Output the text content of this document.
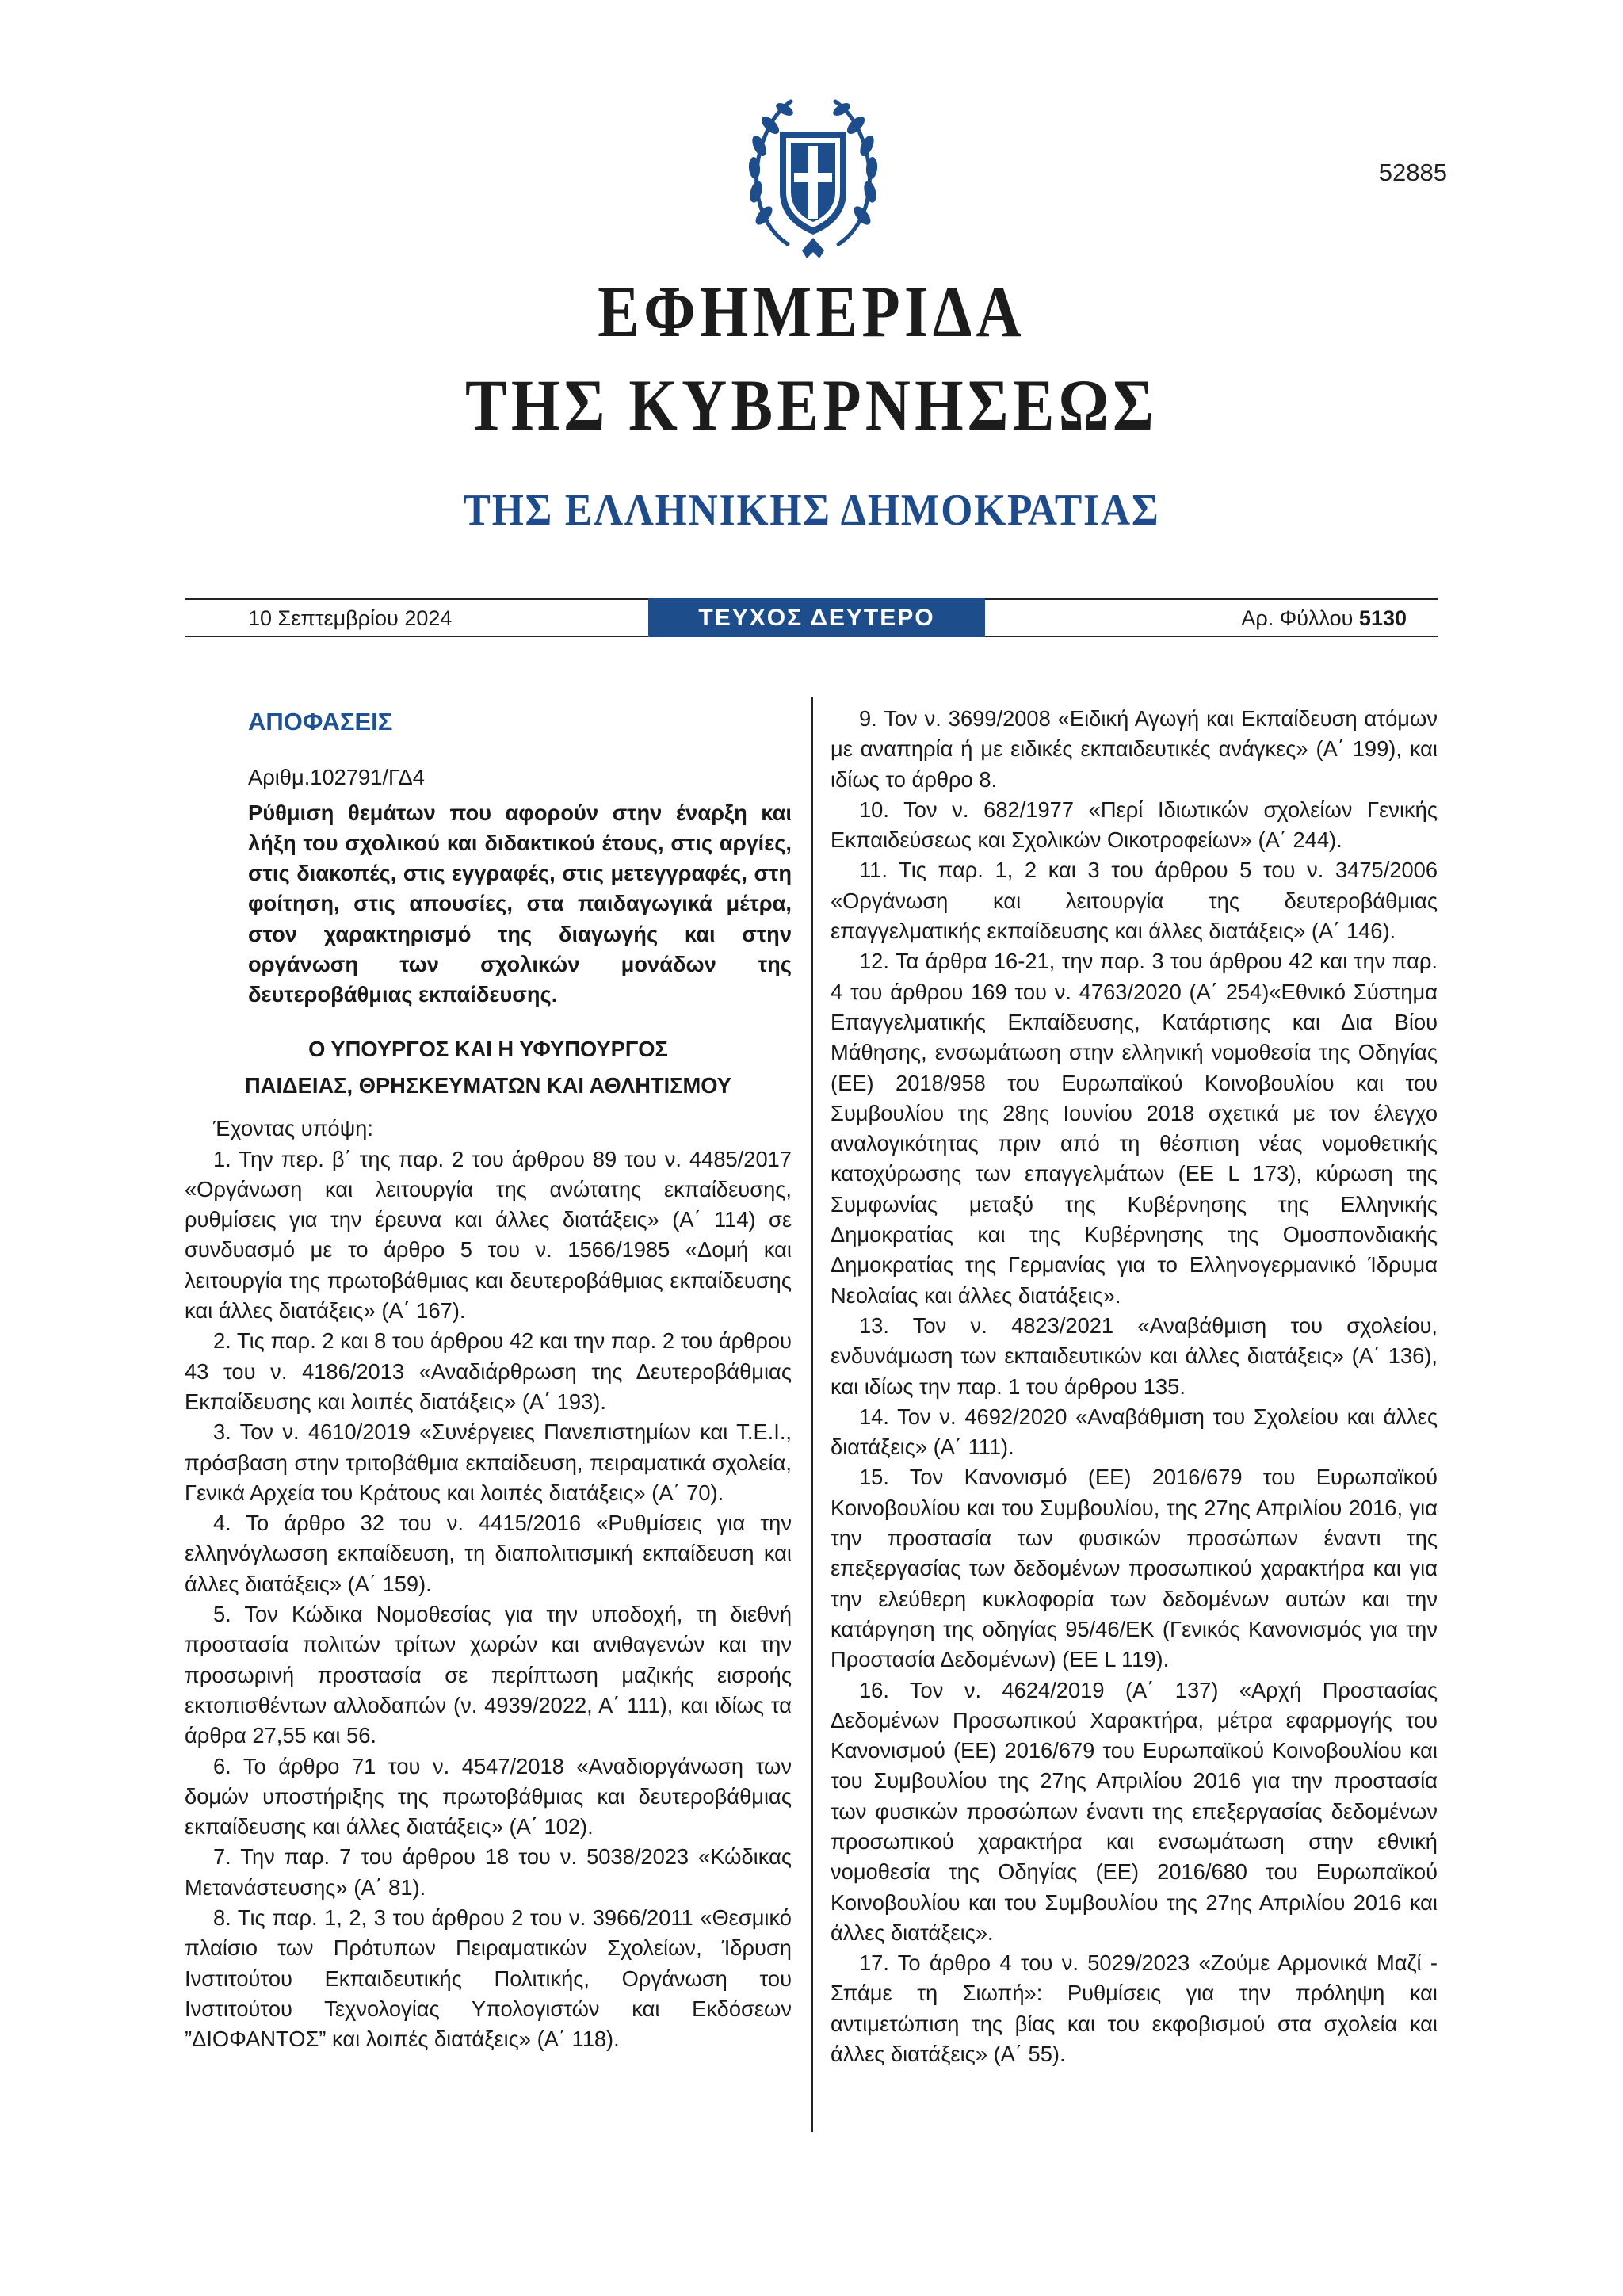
52885
ΕΦΗΜΕΡΙΔΑ
ΤΗΣ ΚΥΒΕΡΝΗΣΕΩΣ
ΤΗΣ ΕΛΛΗΝΙΚΗΣ ΔΗΜΟΚΡΑΤΙΑΣ
10 Σεπτεμβρίου 2024	ΤΕΥΧΟΣ ΔΕΥΤΕΡΟ	Αρ. Φύλλου 5130
ΑΠΟΦΑΣΕΙΣ
Αριθμ.102791/ΓΔ4
Ρύθμιση θεμάτων που αφορούν στην έναρξη και λήξη του σχολικού και διδακτικού έτους, στις αργίες, στις διακοπές, στις εγγραφές, στις μετεγγραφές, στη φοίτηση, στις απουσίες, στα παιδαγωγικά μέτρα, στον χαρακτηρισμό της διαγωγής και στην οργάνωση των σχολικών μονάδων της δευτεροβάθμιας εκπαίδευσης.
Ο ΥΠΟΥΡΓΟΣ ΚΑΙ Η ΥΦΥΠΟΥΡΓΟΣ
ΠΑΙΔΕΙΑΣ, ΘΡΗΣΚΕΥΜΑΤΩΝ ΚΑΙ ΑΘΛΗΤΙΣΜΟΥ

Έχοντας υπόψη:

1. Την περ. β΄ της παρ. 2 του άρθρου 89 του ν. 4485/2017 «Οργάνωση και λειτουργία της ανώτατης εκπαίδευσης, ρυθμίσεις για την έρευνα και άλλες διατάξεις» (Α΄ 114) σε συνδυασμό με το άρθρο 5 του ν. 1566/1985 «Δομή και λειτουργία της πρωτοβάθμιας και δευτεροβάθμιας εκπαίδευσης και άλλες διατάξεις» (Α΄ 167).

2. Τις παρ. 2 και 8 του άρθρου 42 και την παρ. 2 του άρθρου 43 του ν. 4186/2013 «Αναδιάρθρωση της Δευτεροβάθμιας Εκπαίδευσης και λοιπές διατάξεις» (Α΄ 193).

3. Τον ν. 4610/2019 «Συνέργειες Πανεπιστημίων και Τ.Ε.Ι., πρόσβαση στην τριτοβάθμια εκπαίδευση, πειραματικά σχολεία, Γενικά Αρχεία του Κράτους και λοιπές διατάξεις» (Α΄ 70).

4. Το άρθρο 32 του ν. 4415/2016 «Ρυθμίσεις για την ελληνόγλωσση εκπαίδευση, τη διαπολιτισμική εκπαίδευση και άλλες διατάξεις» (Α΄ 159).

5. Τον Κώδικα Νομοθεσίας για την υποδοχή, τη διεθνή προστασία πολιτών τρίτων χωρών και ανιθαγενών και την προσωρινή προστασία σε περίπτωση μαζικής εισροής εκτοπισθέντων αλλοδαπών (ν. 4939/2022, Α΄ 111), και ιδίως τα άρθρα 27,55 και 56.

6. Το άρθρο 71 του ν. 4547/2018 «Αναδιοργάνωση των δομών υποστήριξης της πρωτοβάθμιας και δευτεροβάθμιας εκπαίδευσης και άλλες διατάξεις» (Α΄ 102).

7. Την παρ. 7 του άρθρου 18 του ν. 5038/2023 «Κώδικας Μετανάστευσης» (Α΄ 81).

8. Τις παρ. 1, 2, 3 του άρθρου 2 του ν. 3966/2011 «Θεσμικό πλαίσιο των Πρότυπων Πειραματικών Σχολείων, Ίδρυση Ινστιτούτου Εκπαιδευτικής Πολιτικής, Οργάνωση του Ινστιτούτου Τεχνολογίας Υπολογιστών και Εκδόσεων ”ΔΙΟΦΑΝΤΟΣ” και λοιπές διατάξεις» (Α΄ 118).

9. Τον ν. 3699/2008 «Ειδική Αγωγή και Εκπαίδευση ατόμων με αναπηρία ή με ειδικές εκπαιδευτικές ανάγκες» (Α΄ 199), και ιδίως το άρθρο 8.

10. Τον ν. 682/1977 «Περί Ιδιωτικών σχολείων Γενικής Εκπαιδεύσεως και Σχολικών Οικοτροφείων» (Α΄ 244).

11. Τις παρ. 1, 2 και 3 του άρθρου 5 του ν. 3475/2006 «Οργάνωση και λειτουργία της δευτεροβάθμιας επαγγελματικής εκπαίδευσης και άλλες διατάξεις» (Α΄ 146).

12. Τα άρθρα 16-21, την παρ. 3 του άρθρου 42 και την παρ. 4 του άρθρου 169 του ν. 4763/2020 (Α΄ 254)«Εθνικό Σύστημα Επαγγελματικής Εκπαίδευσης, Κατάρτισης και Δια Βίου Μάθησης, ενσωμάτωση στην ελληνική νομοθεσία της Οδηγίας (ΕΕ) 2018/958 του Ευρωπαϊκού Κοινοβουλίου και του Συμβουλίου της 28ης Ιουνίου 2018 σχετικά με τον έλεγχο αναλογικότητας πριν από τη θέσπιση νέας νομοθετικής κατοχύρωσης των επαγγελμάτων (ΕΕ L 173), κύρωση της Συμφωνίας μεταξύ της Κυβέρνησης της Ελληνικής Δημοκρατίας και της Κυβέρνησης της Ομοσπονδιακής Δημοκρατίας της Γερμανίας για το Ελληνογερμανικό Ίδρυμα Νεολαίας και άλλες διατάξεις».

13. Τον ν. 4823/2021 «Αναβάθμιση του σχολείου, ενδυνάμωση των εκπαιδευτικών και άλλες διατάξεις» (Α΄ 136), και ιδίως την παρ. 1 του άρθρου 135.

14. Τον ν. 4692/2020 «Αναβάθμιση του Σχολείου και άλλες διατάξεις» (Α΄ 111).

15. Τον Κανονισμό (ΕΕ) 2016/679 του Ευρωπαϊκού Κοινοβουλίου και του Συμβουλίου, της 27ης Απριλίου 2016, για την προστασία των φυσικών προσώπων έναντι της επεξεργασίας των δεδομένων προσωπικού χαρακτήρα και για την ελεύθερη κυκλοφορία των δεδομένων αυτών και την κατάργηση της οδηγίας 95/46/ΕΚ (Γενικός Κανονισμός για την Προστασία Δεδομένων) (ΕΕ L 119).

16. Τον ν. 4624/2019 (Α΄ 137) «Αρχή Προστασίας Δεδομένων Προσωπικού Χαρακτήρα, μέτρα εφαρμογής του Κανονισμού (ΕΕ) 2016/679 του Ευρωπαϊκού Κοινοβουλίου και του Συμβουλίου της 27ης Απριλίου 2016 για την προστασία των φυσικών προσώπων έναντι της επεξεργασίας δεδομένων προσωπικού χαρακτήρα και ενσωμάτωση στην εθνική νομοθεσία της Οδηγίας (ΕΕ) 2016/680 του Ευρωπαϊκού Κοινοβουλίου και του Συμβουλίου της 27ης Απριλίου 2016 και άλλες διατάξεις».

17. Το άρθρο 4 του ν. 5029/2023 «Ζούμε Αρμονικά Μαζί - Σπάμε τη Σιωπή»: Ρυθμίσεις για την πρόληψη και αντιμετώπιση της βίας και του εκφοβισμού στα σχολεία και άλλες διατάξεις» (Α΄ 55).
